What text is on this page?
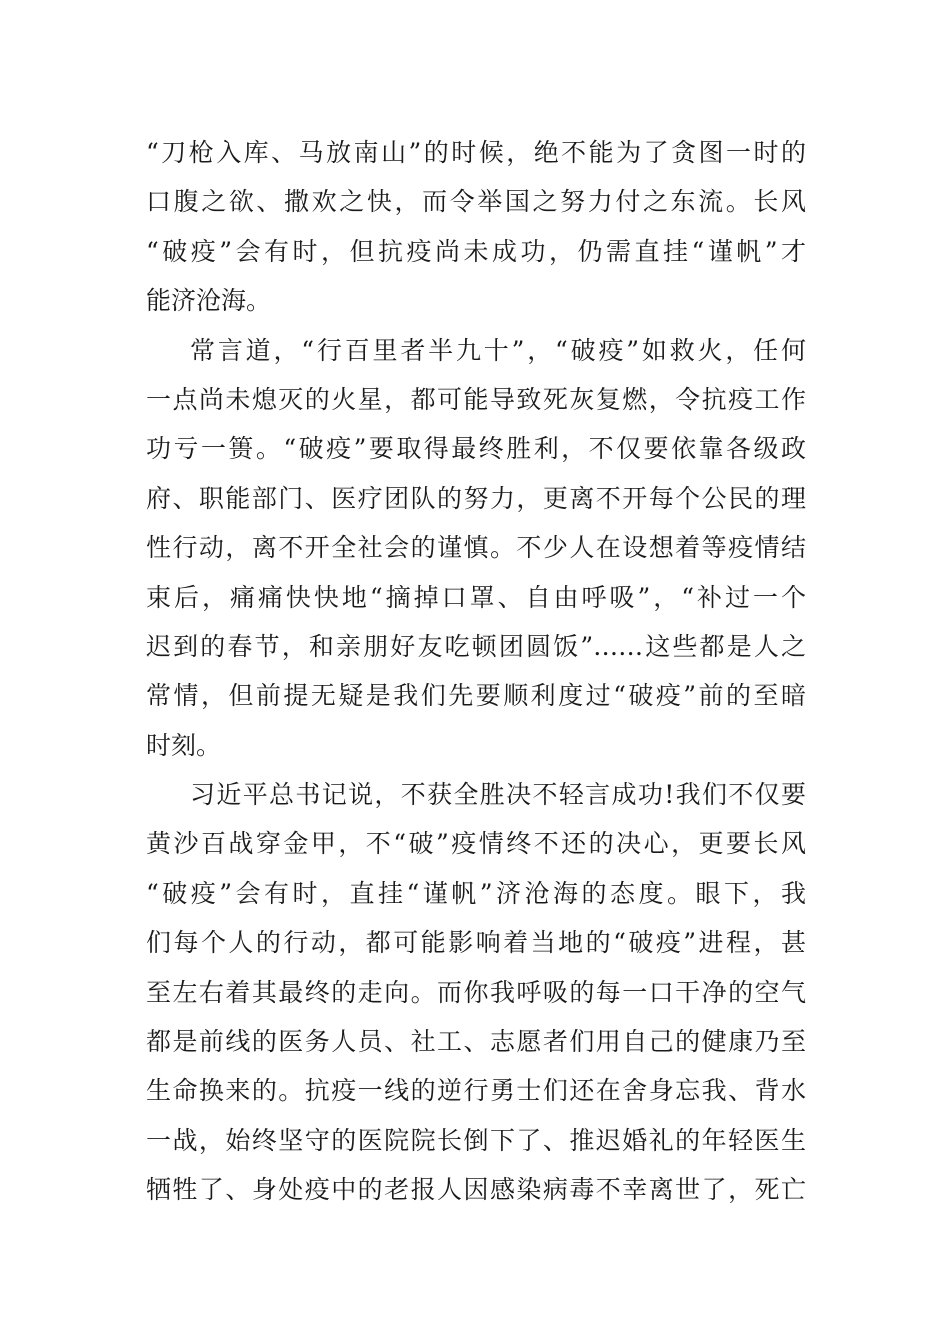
“刀枪入库、马放南山”的时候，绝不能为了贪图一时的
口腹之欲、撒欢之快，而令举国之努力付之东流。长风
“破疫”会有时，但抗疫尚未成功，仍需直挂“谨帆”才
能济沧海。
常言道，“行百里者半九十”，“破疫”如救火，任何
一点尚未熄灭的火星，都可能导致死灰复燃，令抗疫工作
功亏一篑。“破疫”要取得最终胜利，不仅要依靠各级政
府、职能部门、医疗团队的努力，更离不开每个公民的理
性行动，离不开全社会的谨慎。不少人在设想着等疫情结
束后，痛痛快快地“摘掉口罩、自由呼吸”，“补过一个
迟到的春节，和亲朋好友吃顿团圆饭”……这些都是人之
常情，但前提无疑是我们先要顺利度过“破疫”前的至暗
时刻。
习近平总书记说，不获全胜决不轻言成功!我们不仅要
黄沙百战穿金甲，不“破”疫情终不还的决心，更要长风
“破疫”会有时，直挂“谨帆”济沧海的态度。眼下，我
们每个人的行动，都可能影响着当地的“破疫”进程，甚
至左右着其最终的走向。而你我呼吸的每一口干净的空气
都是前线的医务人员、社工、志愿者们用自己的健康乃至
生命换来的。抗疫一线的逆行勇士们还在舍身忘我、背水
一战，始终坚守的医院院长倒下了、推迟婚礼的年轻医生
牺牲了、身处疫中的老报人因感染病毒不幸离世了，死亡
